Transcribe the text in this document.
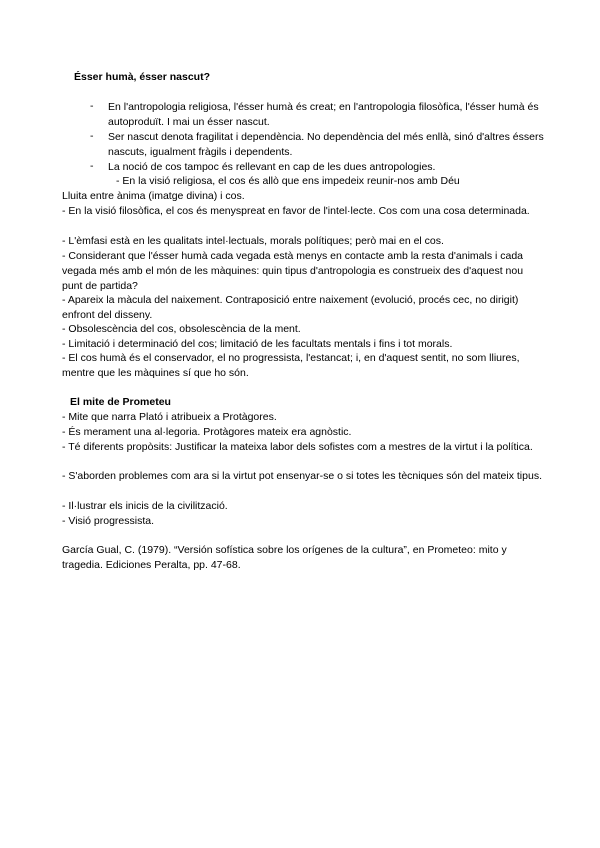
Ésser humà, ésser nascut?
- En l'antropologia religiosa, l'ésser humà és creat; en l'antropologia filosòfica, l'ésser humà és autoproduït. I mai un ésser nascut.
- Ser nascut denota fragilitat i dependència. No dependència del més enllà, sinó d'altres éssers nascuts, igualment fràgils i dependents.
- La noció de cos tampoc és rellevant en cap de les dues antropologies.
- En la visió religiosa, el cos és allò que ens impedeix reunir-nos amb Déu
Lluita entre ànima (imatge divina) i cos.
- En la visió filosòfica, el cos és menyspreat en favor de l'intel·lecte. Cos com una cosa determinada.
- L'èmfasi està en les qualitats intel·lectuals, morals polítiques; però mai en el cos.
- Considerant que l'ésser humà cada vegada està menys en contacte amb la resta d'animals i cada vegada més amb el món de les màquines: quin tipus d'antropologia es construeix des d'aquest nou punt de partida?
- Apareix la màcula del naixement. Contraposició entre naixement (evolució, procés cec, no dirigit) enfront del disseny.
- Obsolescència del cos, obsolescència de la ment.
- Limitació i determinació del cos; limitació de les facultats mentals i fins i tot morals.
- El cos humà és el conservador, el no progressista, l'estancat; i, en d'aquest sentit, no som lliures, mentre que les màquines sí que ho són.
El mite de Prometeu
- Mite que narra Plató i atribueix a Protàgores.
- És merament una al·legoria. Protàgores mateix era agnòstic.
- Té diferents propòsits: Justificar la mateixa labor dels sofistes com a mestres de la virtut i la política.
- S'aborden problemes com ara si la virtut pot ensenyar-se o si totes les tècniques són del mateix tipus.
- Il·lustrar els inicis de la civilització.
- Visió progressista.
García Gual, C. (1979). “Versión sofística sobre los orígenes de la cultura”, en Prometeo: mito y tragedia. Ediciones Peralta, pp. 47-68.
